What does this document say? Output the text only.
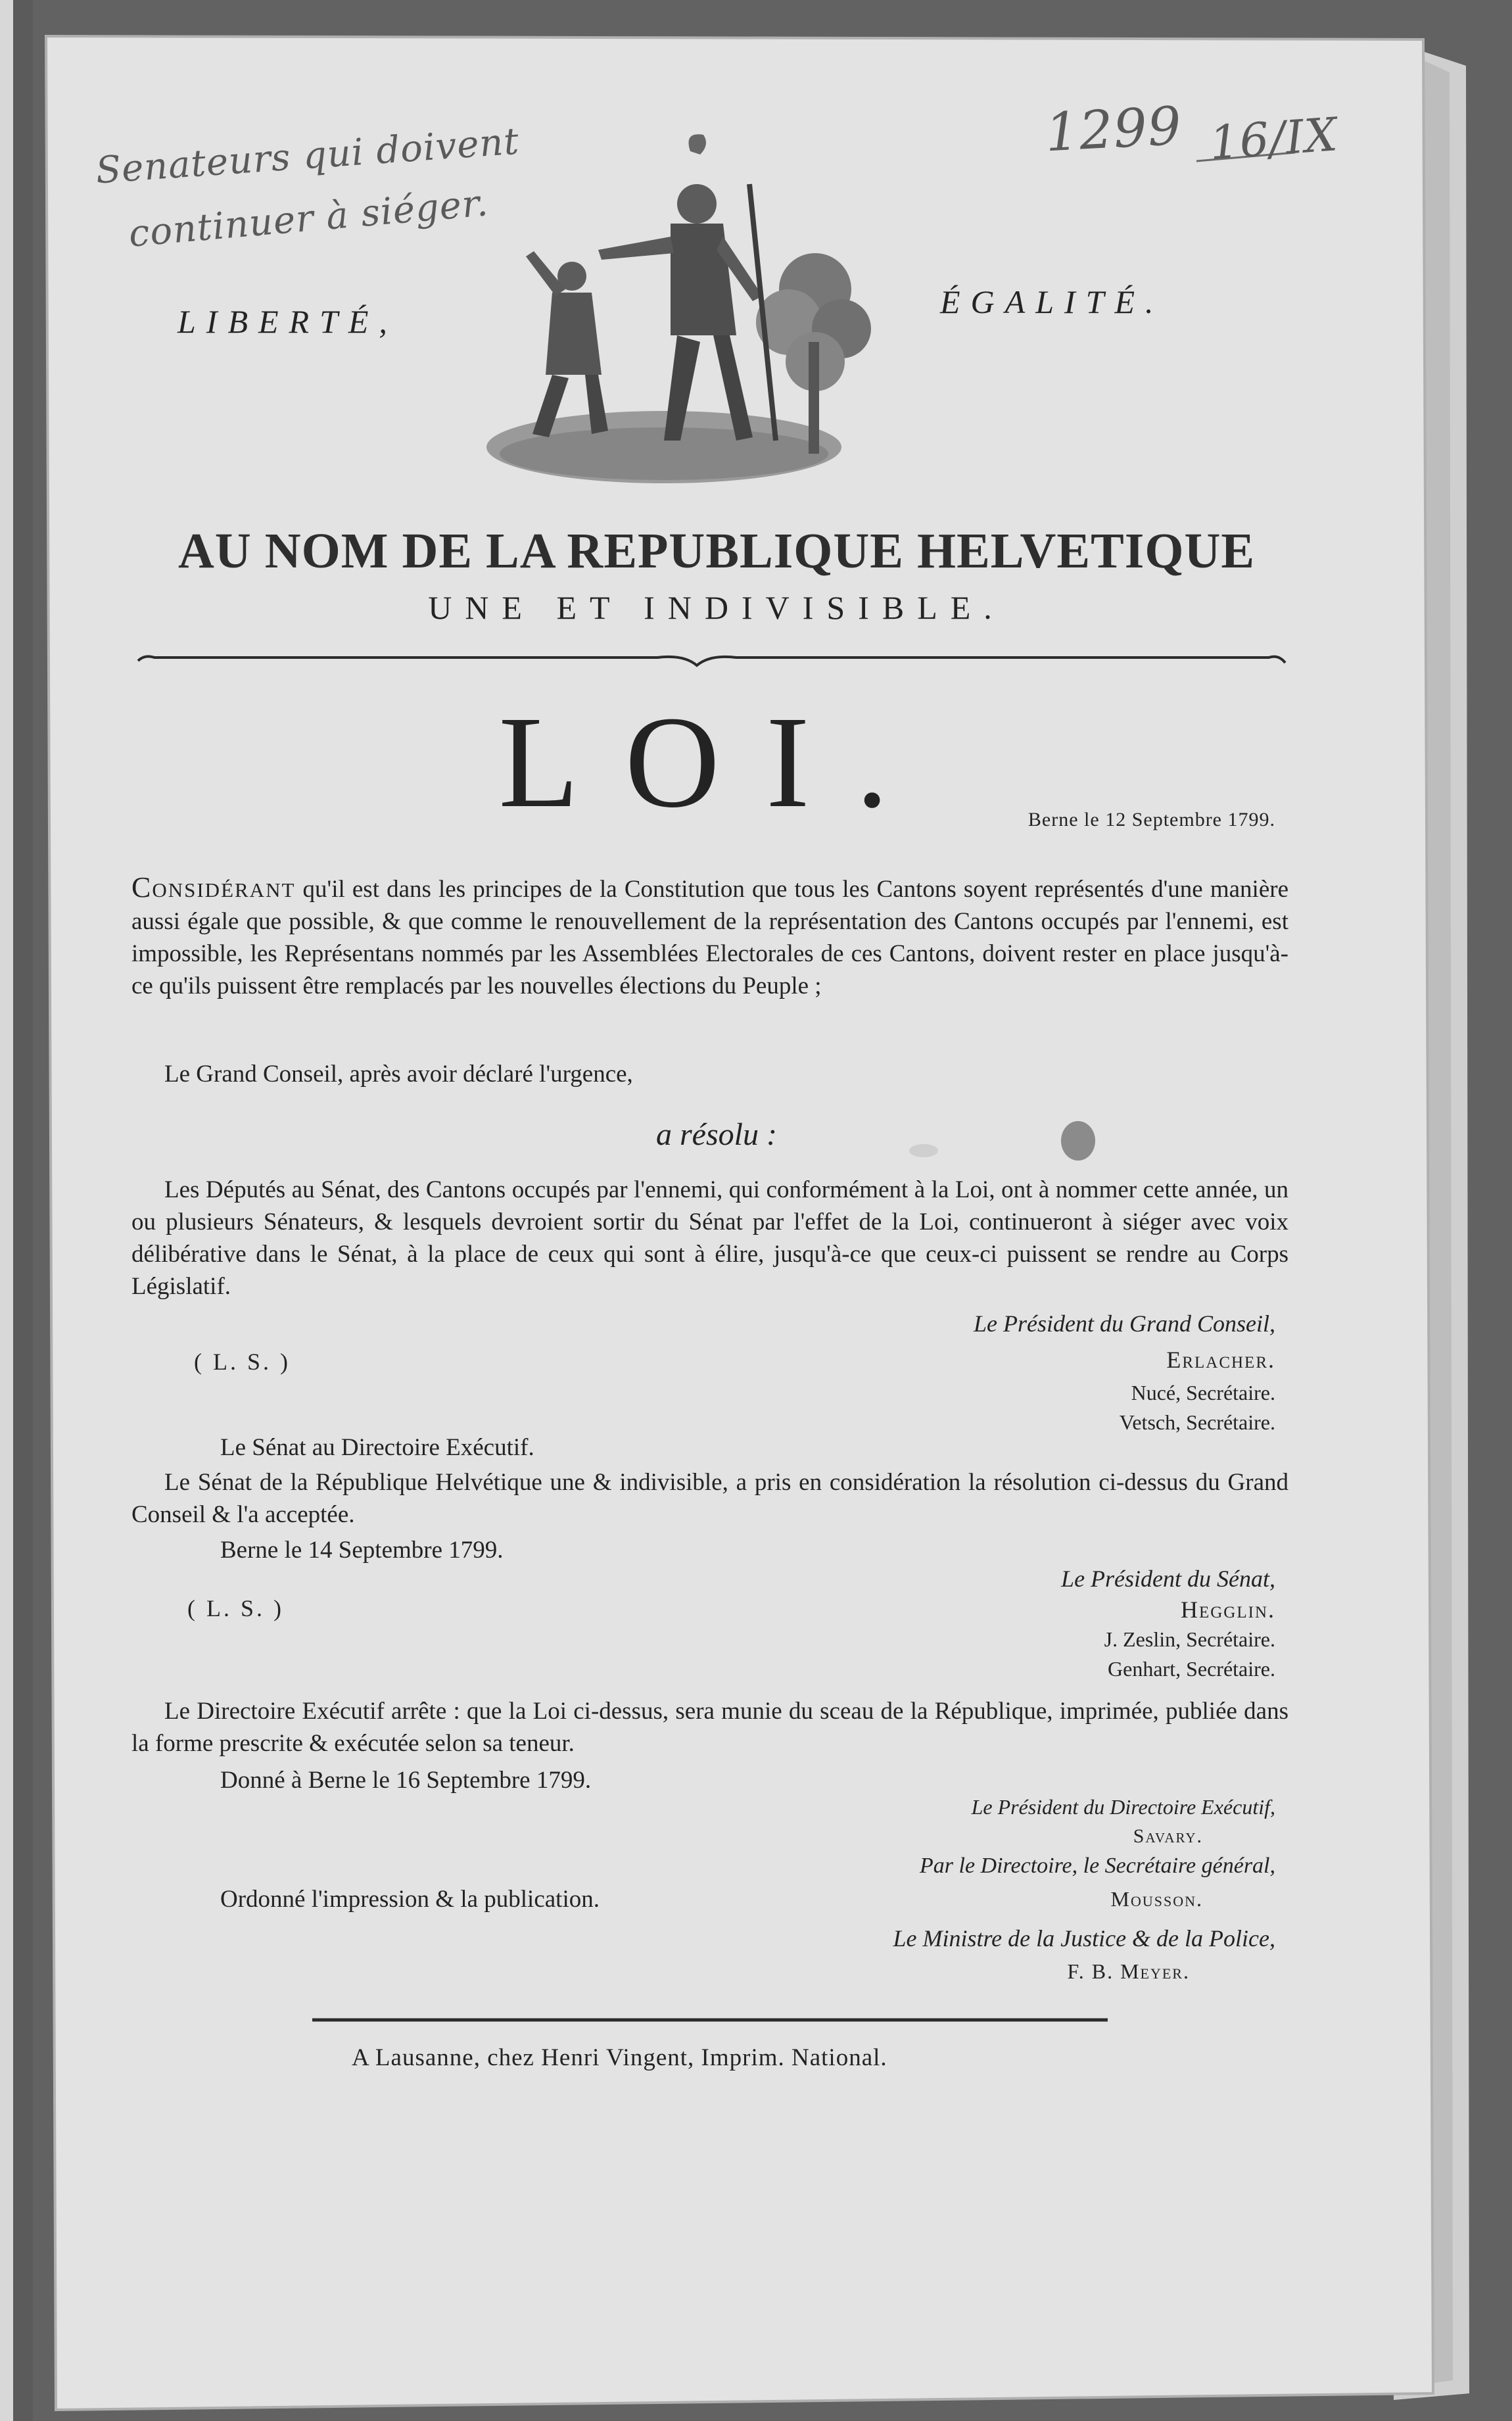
Senateurs qui doivent
continuer à siéger.
1299 16/IX
LIBERTÉ,
ÉGALITÉ.
AU NOM DE LA REPUBLIQUE HELVETIQUE
UNE ET INDIVISIBLE.
LOI.	Berne le 12 Septembre 1799.
Considérant qu'il est dans les principes de la Constitution que tous les Cantons soyent représentés d'une manière aussi égale que possible, & que comme le renouvellement de la représentation des Cantons occupés par l'ennemi, est impossible, les Représentans nommés par les Assemblées Electorales de ces Cantons, doivent rester en place jusqu'à-ce qu'ils puissent être remplacés par les nouvelles élections du Peuple ;
Le Grand Conseil, après avoir déclaré l'urgence,
a résolu :
Les Députés au Sénat, des Cantons occupés par l'ennemi, qui conformément à la Loi, ont à nommer cette année, un ou plusieurs Sénateurs, & lesquels devroient sortir du Sénat par l'effet de la Loi, continueront à siéger avec voix délibérative dans le Sénat, à la place de ceux qui sont à élire, jusqu'à-ce que ceux-ci puissent se rendre au Corps Législatif.
Le Président du Grand Conseil,
( L. S. )	Erlacher.
Nucé, Secrétaire.
Vetsch, Secrétaire.
Le Sénat au Directoire Exécutif.
Le Sénat de la République Helvétique une & indivisible, a pris en considération la résolution ci-dessus du Grand Conseil & l'a acceptée.
Berne le 14 Septembre 1799.
Le Président du Sénat,
( L. S. )	Hegglin.
J. Zeslin, Secrétaire.
Genhart, Secrétaire.
Le Directoire Exécutif arrête : que la Loi ci-dessus, sera munie du sceau de la République, imprimée, publiée dans la forme prescrite & exécutée selon sa teneur.
Donné à Berne le 16 Septembre 1799.
Le Président du Directoire Exécutif,
Savary.
Par le Directoire, le Secrétaire général,
Ordonné l'impression & la publication.	Mousson.
Le Ministre de la Justice & de la Police,
F. B. Meyer.
A Lausanne, chez Henri Vingent, Imprim. National.
